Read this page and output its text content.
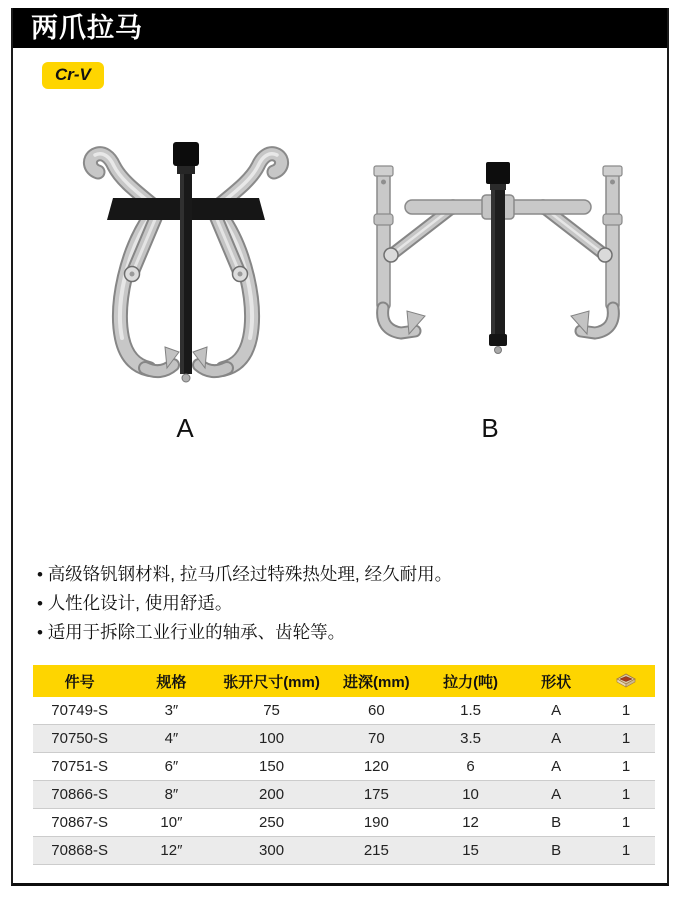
两爪拉马
Cr-V
A	B
• 高级铬钒钢材料, 拉马爪经过特殊热处理, 经久耐用。
• 人性化设计, 使用舒适。
• 适用于拆除工业行业的轴承、齿轮等。
件号	规格	张开尺寸(mm)	进深(mm)	拉力(吨)	形状	
70749-S	3″	75	60	1.5	A	1
70750-S	4″	100	70	3.5	A	1
70751-S	6″	150	120	6	A	1
70866-S	8″	200	175	10	A	1
70867-S	10″	250	190	12	B	1
70868-S	12″	300	215	15	B	1
